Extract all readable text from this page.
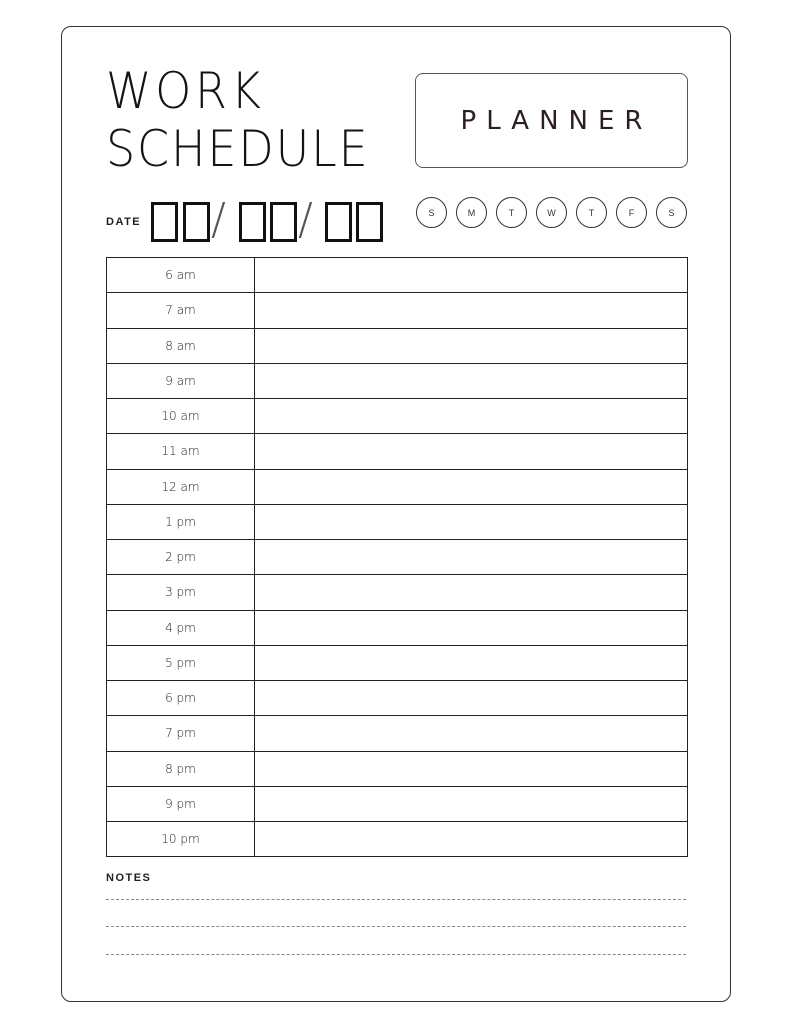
WORK
SCHEDULE	PLANNER
DATE / /	S	M	T	W	T	F	S
6 am	
7 am	
8 am	
9 am	
10 am	
11 am	
12 am	
1 pm	
2 pm	
3 pm	
4 pm	
5 pm	
6 pm	
7 pm	
8 pm	
9 pm	
10 pm	
NOTES
